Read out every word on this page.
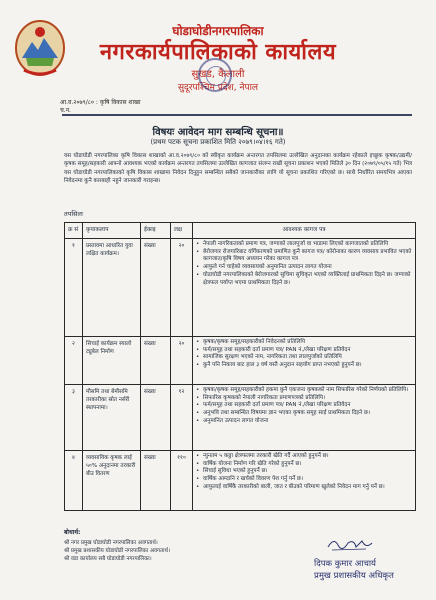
घोडाघोडीनगरपालिका
नगरकार्यपालिकाको कार्यालय
सुखड, कैलाली
सुदूरपश्चिम प्रदेश, नेपाल
आ.व.२०७९/८० : कृषि विकास शाखा
च.न.
विषयः आवेदन माग सम्बन्धि सूचना॥
(प्रथम पटक सूचना प्रकाशित मिति २०७९।०४।१६ गते)
यस घोडाघोडी नगरपालिका कृषि विकास शाखाको आ.व.२०७९/८० को स्वीकृत कार्यक्रम अन्तरगत तपसिलमा उल्लेखित अनुदानका कार्यक्रम रहेकाले इच्छुक कृषक/उद्यमी/कृषक समूह/सहकारी आफ्नो आवश्यक भएको कार्यक्रम अन्तरगत तपसिलमा उल्लेखित कागजात संलग्न राखी सूचना प्रकाशन भएको मितिले ३० दिन (२०७९/०५/१५ गते) भित्र यस घोडाघोडी नगरपालिकाको कृषि विकास शाखामा निवेदन दिनुहुन सम्बन्धित सबैको जानकारीका लागि यो सूचना प्रकाशित गरिएको छ। साथै निर्धारित समयभित्र आएका निवेदनमा कुनै कारबाही नहुने जानकारी गराइन्छ।
तपसिलः
क्र सं	कृयाकलाप	ईकाइ	लक्ष	आवश्यक कागज पत्र
१	प्रस्तावमा आधारित युवा लक्षित कार्यक्रम।	संख्या	२०	• नेपाली नागरिकताको प्रमाण पत्र, जग्गाको लालपुर्जा वा भाडामा लिएको कागजातको प्रतिलिपि
• बेरोजगार रोजगारिबाट वर्गिकरणको प्रमाणित कुनै कागज पत्र/ कोरोनाका कारण व्यवसाय प्रभावित भएको कागजात/कृषि विषय अध्ययन गरेका कागज पत्र
• आफुले गर्न चाहेको व्यवसायको अनुमानित उत्पादन लागत योजना
• घोडाघोडी नगरपालिकाको बेरोजगारको सुचिमा सुचिकृत भएको व्यक्तिलाई प्राथमिकता दिइने छ। जग्गाको क्षेत्रफल पर्याप्त भएमा प्राथमिकता दिइने छ।

२	सिचाई कार्यक्रम स्यालो ट्युबेल निर्माण	संख्या	२०	• कृषक/कृषक समूह/सहकारीको निवेदनको प्रतिलिपि
• फर्म/समूह तथा सहकारी दर्ता प्रमाण पत्र/ PAN नं./लेखा परिक्षण प्रतिवेदन
• सामाजिक सुरक्षण भएको नाम, नागरिकता तथा लालपुर्जाको प्रतिलिपि
• कुनै पनि निकाय बाट हाल ३ वर्ष यस्तै अनुदान सहयोग प्राप्त नभएको हुनुपर्ने छ।

३	मौसमि तथा बेमौसमि तरकारीका स्रोत नर्सरी स्थापनामा।	संख्या	१२	• कृषक/कृषक समूह/सहकारीको हकमा कुनै एकजना कृषकको नाम सिफारिस गरेको निर्णयको प्रतिलिपि।
• सिफारिस कृषकको नेपाली नागरिकता प्रमाणपत्रको प्रतिलिपि।
• फर्म/समूह तथा सहकारी दर्ता प्रमाण पत्र/ PAN नं./लेखा परिक्षण प्रतिवेदन
• अनुभवि तथा सम्बन्धित विषयमा ज्ञान भएका कृषक समूह साई प्राथमिकता दिइने छ।
• अनुमानित उत्पादन लागत योजना

४	व्यवसायिक कृषक लाई ५०% अनुदानमा तरकारी बीउ वितरण	संख्या	११०	• न्युनतम ५ कठ्ठा क्षेत्रफलमा तरकारी खेति गर्दै आएको हुनुपर्ने छ।
• वार्षिक योजना निर्माण गरि खेति गरेको हुनुपर्ने छ।
• सिंचाई सुविधा भएको हुनुपर्ने छ।
• वार्षिक आम्दानि र खर्चको विवरण पेश गर्नु पर्ने छ।
• आफुलाई वार्षिकै तरकारीको बाली, जात र बीउको परिमाण खुलेको निवेदन माग गर्नु पर्ने छ।
बोधार्थ:
श्री नगर प्रमुख घोडाघोडी नगरपालिका अवगतार्थ।
श्री प्रमुख प्रशासकीय घोडाघोडी नगरपालिका अवगतार्थ।
श्री वडा कार्यालय सबै घोडाघोडी नगरपालिका।	दिपक कुमार आचार्य
प्रमुख प्रशासकीय अधिकृत
